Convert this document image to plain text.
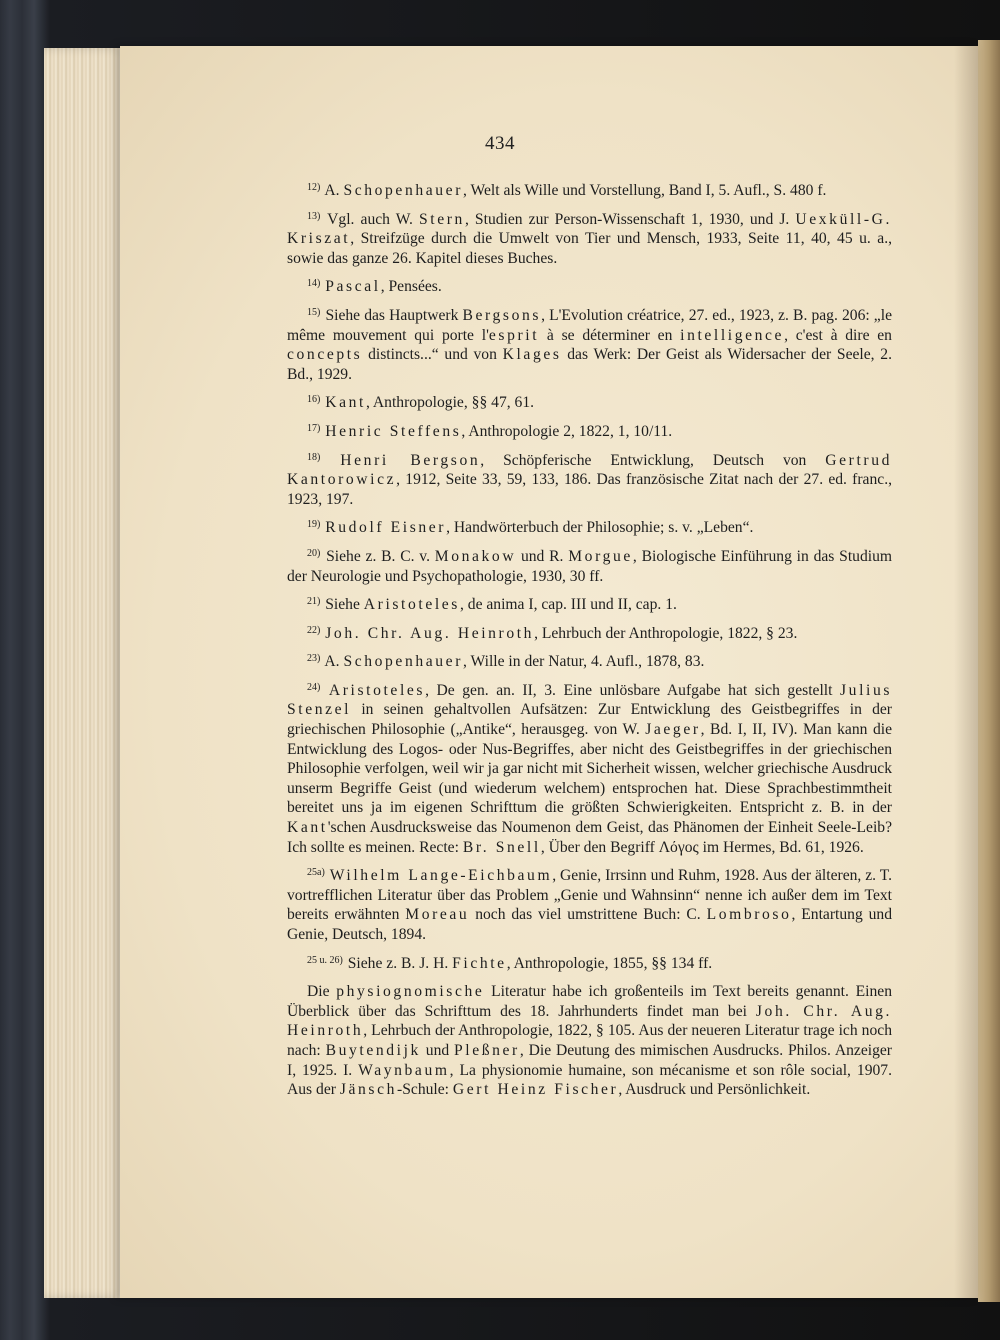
434

$^{12)}$ A. Schopenhauer, Welt als Wille und Vorstellung, Band I, 5. Aufl., S. 480 f.

$^{13)}$ Vgl. auch W. Stern, Studien zur Person-Wissenschaft 1, 1930, und J. Uexküll-G. Kriszat, Streifzüge durch die Umwelt von Tier und Mensch, 1933, Seite 11, 40, 45 u. a., sowie das ganze 26. Kapitel dieses Buches.

$^{14)}$ Pascal, Pensées.

$^{15)}$ Siehe das Hauptwerk Bergsons, L'Evolution créatrice, 27. ed., 1923, z. B. pag. 206: „le même mouvement qui porte l'esprit à se déterminer en intelligence, c'est à dire en concepts distincts...“ und von Klages das Werk: Der Geist als Widersacher der Seele, 2. Bd., 1929.

$^{16)}$ Kant, Anthropologie, §§ 47, 61.

$^{17)}$ Henric Steffens, Anthropologie 2, 1822, 1, 10/11.

$^{18)}$ Henri Bergson, Schöpferische Entwicklung, Deutsch von Gertrud Kantorowicz, 1912, Seite 33, 59, 133, 186. Das französische Zitat nach der 27. ed. franc., 1923, 197.

$^{19)}$ Rudolf Eisner, Handwörterbuch der Philosophie; s. v. „Leben“.

$^{20)}$ Siehe z. B. C. v. Monakow und R. Morgue, Biologische Einführung in das Studium der Neurologie und Psychopathologie, 1930, 30 ff.

$^{21)}$ Siehe Aristoteles, de anima I, cap. III und II, cap. 1.

$^{22)}$ Joh. Chr. Aug. Heinroth, Lehrbuch der Anthropologie, 1822, § 23.

$^{23)}$ A. Schopenhauer, Wille in der Natur, 4. Aufl., 1878, 83.

$^{24)}$ Aristoteles, De gen. an. II, 3. Eine unlösbare Aufgabe hat sich gestellt Julius Stenzel in seinen gehaltvollen Aufsätzen: Zur Entwicklung des Geistbegriffes in der griechischen Philosophie („Antike“, herausgeg. von W. Jaeger, Bd. I, II, IV). Man kann die Entwicklung des Logos- oder Nus-Begriffes, aber nicht des Geistbegriffes in der griechischen Philosophie verfolgen, weil wir ja gar nicht mit Sicherheit wissen, welcher griechische Ausdruck unserm Begriffe Geist (und wiederum welchem) entsprochen hat. Diese Sprachbestimmtheit bereitet uns ja im eigenen Schrifttum die größten Schwierigkeiten. Entspricht z. B. in der Kant'schen Ausdrucksweise das Noumenon dem Geist, das Phänomen der Einheit Seele-Leib? Ich sollte es meinen. Recte: Br. Snell, Über den Begriff Λόγος im Hermes, Bd. 61, 1926.

$^{25a)}$ Wilhelm Lange-Eichbaum, Genie, Irrsinn und Ruhm, 1928. Aus der älteren, z. T. vortrefflichen Literatur über das Problem „Genie und Wahnsinn“ nenne ich außer dem im Text bereits erwähnten Moreau noch das viel umstrittene Buch: C. Lombroso, Entartung und Genie, Deutsch, 1894.

$^{25 u. 26)}$ Siehe z. B. J. H. Fichte, Anthropologie, 1855, §§ 134 ff.

Die physiognomische Literatur habe ich großenteils im Text bereits genannt. Einen Überblick über das Schrifttum des 18. Jahrhunderts findet man bei Joh. Chr. Aug. Heinroth, Lehrbuch der Anthropologie, 1822, § 105. Aus der neueren Literatur trage ich noch nach: Buytendijk und Pleßner, Die Deutung des mimischen Ausdrucks. Philos. Anzeiger I, 1925. I. Waynbaum, La physionomie humaine, son mécanisme et son rôle social, 1907. Aus der Jänsch-Schule: Gert Heinz Fischer, Ausdruck und Persönlichkeit.
